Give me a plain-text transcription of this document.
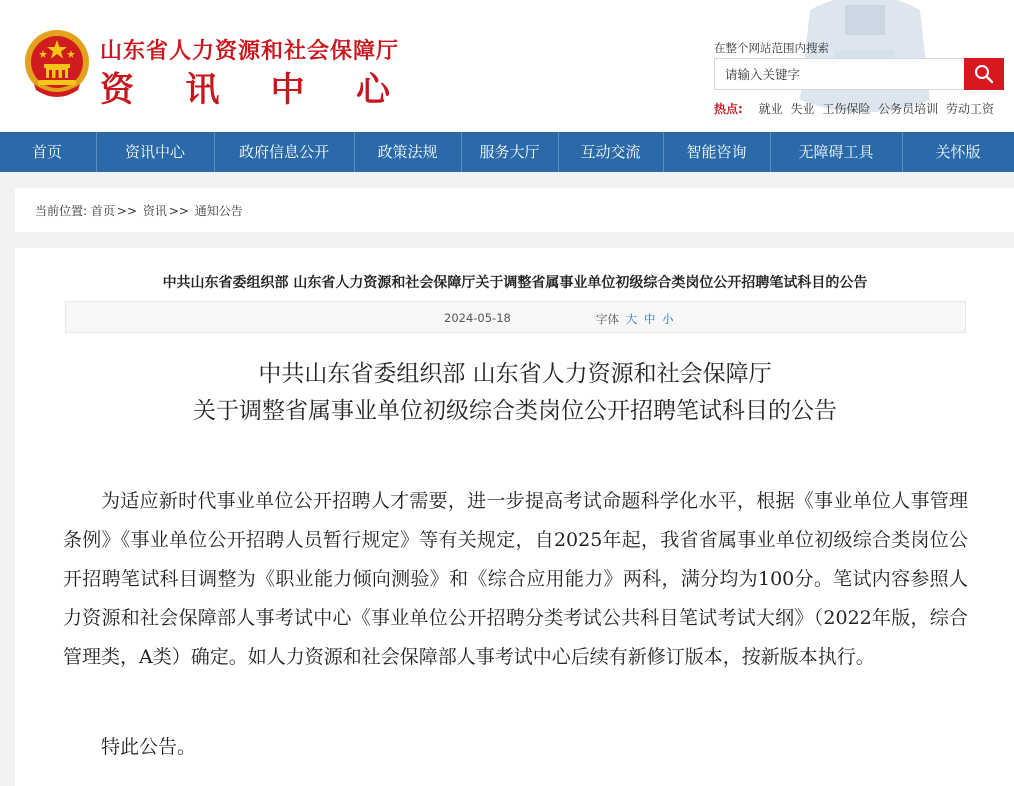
山东省人力资源和社会保障厅
资 讯 中 心
在整个网站范围内搜索
请输入关键字
热点: 就业 失业 工伤保险 公务员培训 劳动工资
首页	资讯中心	政府信息公开	政策法规	服务大厅	互动交流	智能咨询	无障碍工具	关怀版
当前位置: 首页 >> 资讯 >> 通知公告
中共山东省委组织部 山东省人力资源和社会保障厅关于调整省属事业单位初级综合类岗位公开招聘笔试科目的公告
2024-05-18	字体 大 中 小
中共山东省委组织部 山东省人力资源和社会保障厅
关于调整省属事业单位初级综合类岗位公开招聘笔试科目的公告

为适应新时代事业单位公开招聘人才需要，进一步提高考试命题科学化水平，根据《事业单位人事管理条例》《事业单位公开招聘人员暂行规定》等有关规定，自2025年起，我省省属事业单位初级综合类岗位公开招聘笔试科目调整为《职业能力倾向测验》和《综合应用能力》两科，满分均为100分。笔试内容参照人力资源和社会保障部人事考试中心《事业单位公开招聘分类考试公共科目笔试考试大纲》（2022年版，综合管理类，A类）确定。如人力资源和社会保障部人事考试中心后续有新修订版本，按新版本执行。

特此公告。
